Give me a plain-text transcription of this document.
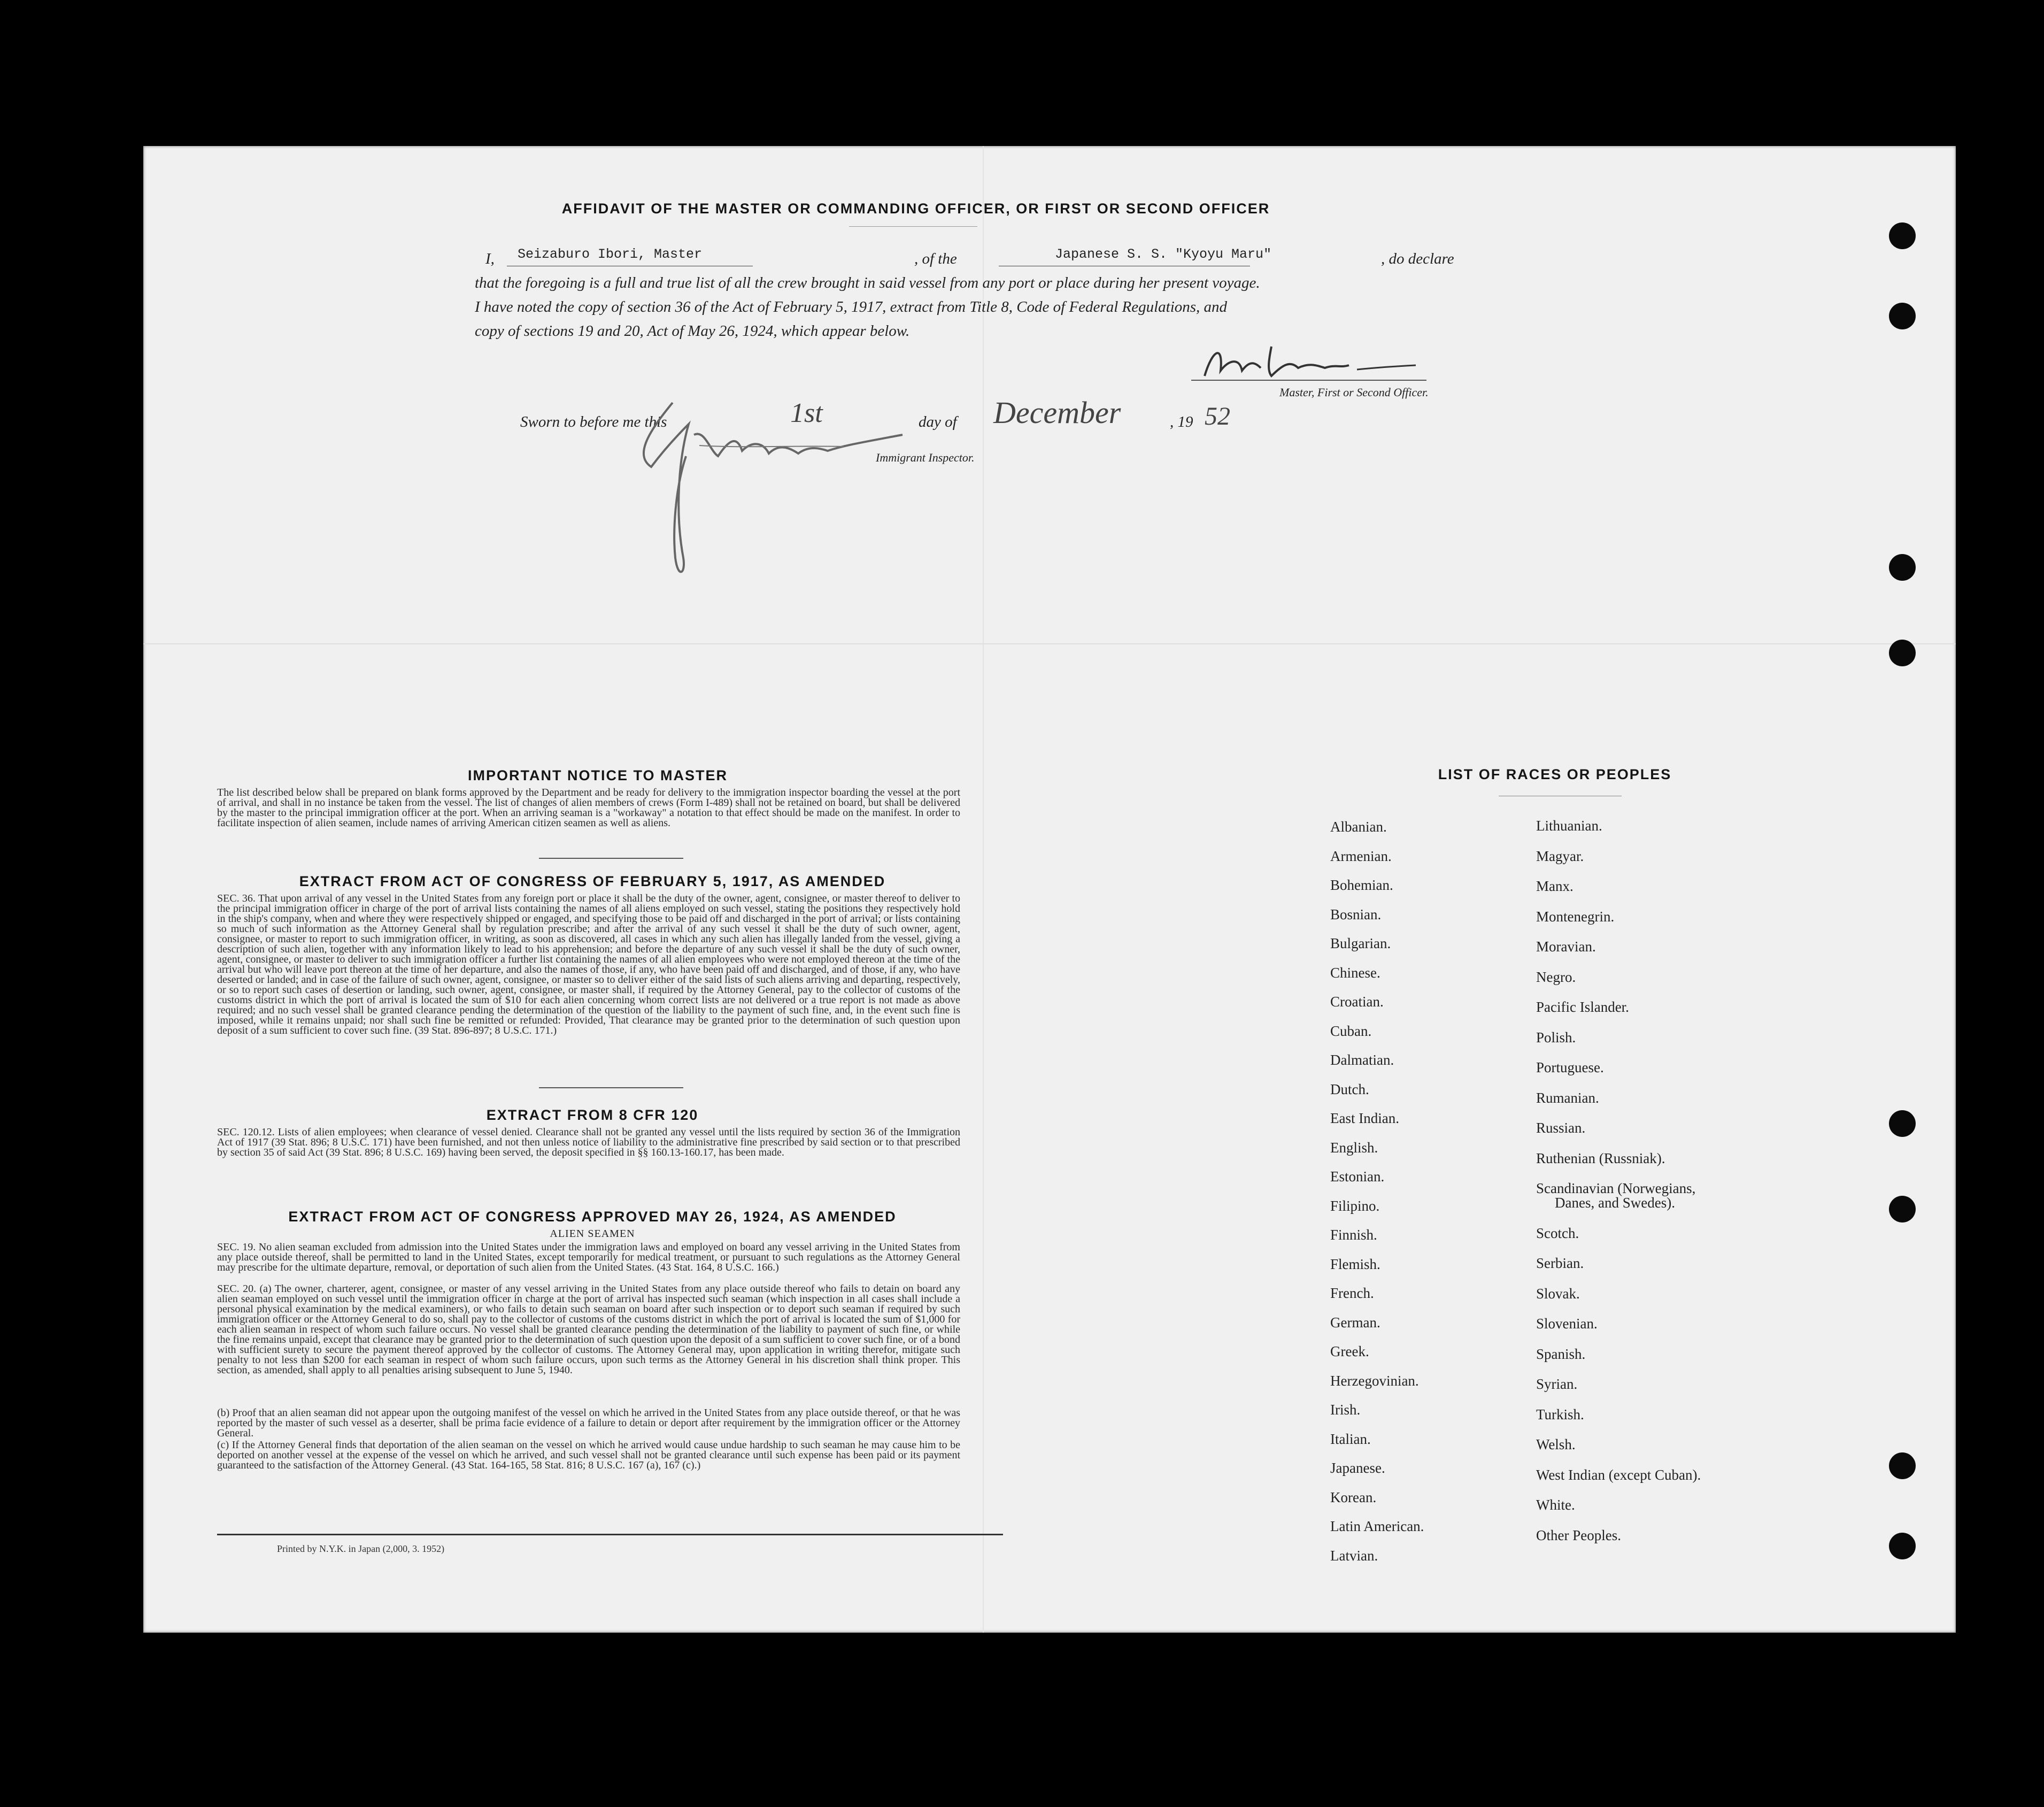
AFFIDAVIT OF THE MASTER OR COMMANDING OFFICER, OR FIRST OR SECOND OFFICER
I, Seizaburo Ibori, Master	, of the	Japanese S. S. "Kyoyu Maru"	, do declare
that the foregoing is a full and true list of all the crew brought in said vessel from any port or place during her present voyage.
I have noted the copy of section 36 of the Act of February 5, 1917, extract from Title 8, Code of Federal Regulations, and
copy of sections 19 and 20, Act of May 26, 1924, which appear below.
Master, First or Second Officer.
Sworn to before me this	1st	day of December	, 19 52
Immigrant Inspector.
IMPORTANT NOTICE TO MASTER
The list described below shall be prepared on blank forms approved by the Department and be ready for delivery to the immigration inspector boarding the vessel at the port of arrival, and shall in no instance be taken from the vessel. The list of changes of alien members of crews (Form I-489) shall not be retained on board, but shall be delivered by the master to the principal immigration officer at the port. When an arriving seaman is a "workaway" a notation to that effect should be made on the manifest. In order to facilitate inspection of alien seamen, include names of arriving American citizen seamen as well as aliens.
EXTRACT FROM ACT OF CONGRESS OF FEBRUARY 5, 1917, AS AMENDED
SEC. 36. That upon arrival of any vessel in the United States from any foreign port or place it shall be the duty of the owner, agent, consignee, or master thereof to deliver to the principal immigration officer in charge of the port of arrival lists containing the names of all aliens employed on such vessel, stating the positions they respectively hold in the ship's company, when and where they were respectively shipped or engaged, and specifying those to be paid off and discharged in the port of arrival; or lists containing so much of such information as the Attorney General shall by regulation prescribe; and after the arrival of any such vessel it shall be the duty of such owner, agent, consignee, or master to report to such immigration officer, in writing, as soon as discovered, all cases in which any such alien has illegally landed from the vessel, giving a description of such alien, together with any information likely to lead to his apprehension; and before the departure of any such vessel it shall be the duty of such owner, agent, consignee, or master to deliver to such immigration officer a further list containing the names of all alien employees who were not employed thereon at the time of the arrival but who will leave port thereon at the time of her departure, and also the names of those, if any, who have been paid off and discharged, and of those, if any, who have deserted or landed; and in case of the failure of such owner, agent, consignee, or master so to deliver either of the said lists of such aliens arriving and departing, respectively, or so to report such cases of desertion or landing, such owner, agent, consignee, or master shall, if required by the Attorney General, pay to the collector of customs of the customs district in which the port of arrival is located the sum of $10 for each alien concerning whom correct lists are not delivered or a true report is not made as above required; and no such vessel shall be granted clearance pending the determination of the question of the liability to the payment of such fine, and, in the event such fine is imposed, while it remains unpaid; nor shall such fine be remitted or refunded: Provided, That clearance may be granted prior to the determination of such question upon deposit of a sum sufficient to cover such fine. (39 Stat. 896-897; 8 U.S.C. 171.)
EXTRACT FROM 8 CFR 120
SEC. 120.12. Lists of alien employees; when clearance of vessel denied. Clearance shall not be granted any vessel until the lists required by section 36 of the Immigration Act of 1917 (39 Stat. 896; 8 U.S.C. 171) have been furnished, and not then unless notice of liability to the administrative fine prescribed by said section or to that prescribed by section 35 of said Act (39 Stat. 896; 8 U.S.C. 169) having been served, the deposit specified in §§ 160.13-160.17, has been made.
EXTRACT FROM ACT OF CONGRESS APPROVED MAY 26, 1924, AS AMENDED
ALIEN SEAMEN
SEC. 19. No alien seaman excluded from admission into the United States under the immigration laws and employed on board any vessel arriving in the United States from any place outside thereof, shall be permitted to land in the United States, except temporarily for medical treatment, or pursuant to such regulations as the Attorney General may prescribe for the ultimate departure, removal, or deportation of such alien from the United States. (43 Stat. 164, 8 U.S.C. 166.)
SEC. 20. (a) The owner, charterer, agent, consignee, or master of any vessel arriving in the United States from any place outside thereof who fails to detain on board any alien seaman employed on such vessel until the immigration officer in charge at the port of arrival has inspected such seaman (which inspection in all cases shall include a personal physical examination by the medical examiners), or who fails to detain such seaman on board after such inspection or to deport such seaman if required by such immigration officer or the Attorney General to do so, shall pay to the collector of customs of the customs district in which the port of arrival is located the sum of $1,000 for each alien seaman in respect of whom such failure occurs. No vessel shall be granted clearance pending the determination of the liability to payment of such fine, or while the fine remains unpaid, except that clearance may be granted prior to the determination of such question upon the deposit of a sum sufficient to cover such fine, or of a bond with sufficient surety to secure the payment thereof approved by the collector of customs. The Attorney General may, upon application in writing therefor, mitigate such penalty to not less than $200 for each seaman in respect of whom such failure occurs, upon such terms as the Attorney General in his discretion shall think proper. This section, as amended, shall apply to all penalties arising subsequent to June 5, 1940.
(b) Proof that an alien seaman did not appear upon the outgoing manifest of the vessel on which he arrived in the United States from any place outside thereof, or that he was reported by the master of such vessel as a deserter, shall be prima facie evidence of a failure to detain or deport after requirement by the immigration officer or the Attorney General.
(c) If the Attorney General finds that deportation of the alien seaman on the vessel on which he arrived would cause undue hardship to such seaman he may cause him to be deported on another vessel at the expense of the vessel on which he arrived, and such vessel shall not be granted clearance until such expense has been paid or its payment guaranteed to the satisfaction of the Attorney General. (43 Stat. 164-165, 58 Stat. 816; 8 U.S.C. 167 (a), 167 (c).)
Printed by N.Y.K. in Japan (2,000, 3. 1952)
LIST OF RACES OR PEOPLES
Albanian.
Armenian.
Bohemian.
Bosnian.
Bulgarian.
Chinese.
Croatian.
Cuban.
Dalmatian.
Dutch.
East Indian.
English.
Estonian.
Filipino.
Finnish.
Flemish.
French.
German.
Greek.
Herzegovinian.
Irish.
Italian.
Japanese.
Korean.
Latin American.
Latvian.
Lithuanian.
Magyar.
Manx.
Montenegrin.
Moravian.
Negro.
Pacific Islander.
Polish.
Portuguese.
Rumanian.
Russian.
Ruthenian (Russniak).
Scandinavian (Norwegians,
Danes, and Swedes).
Scotch.
Serbian.
Slovak.
Slovenian.
Spanish.
Syrian.
Turkish.
Welsh.
West Indian (except Cuban).
White.
Other Peoples.
